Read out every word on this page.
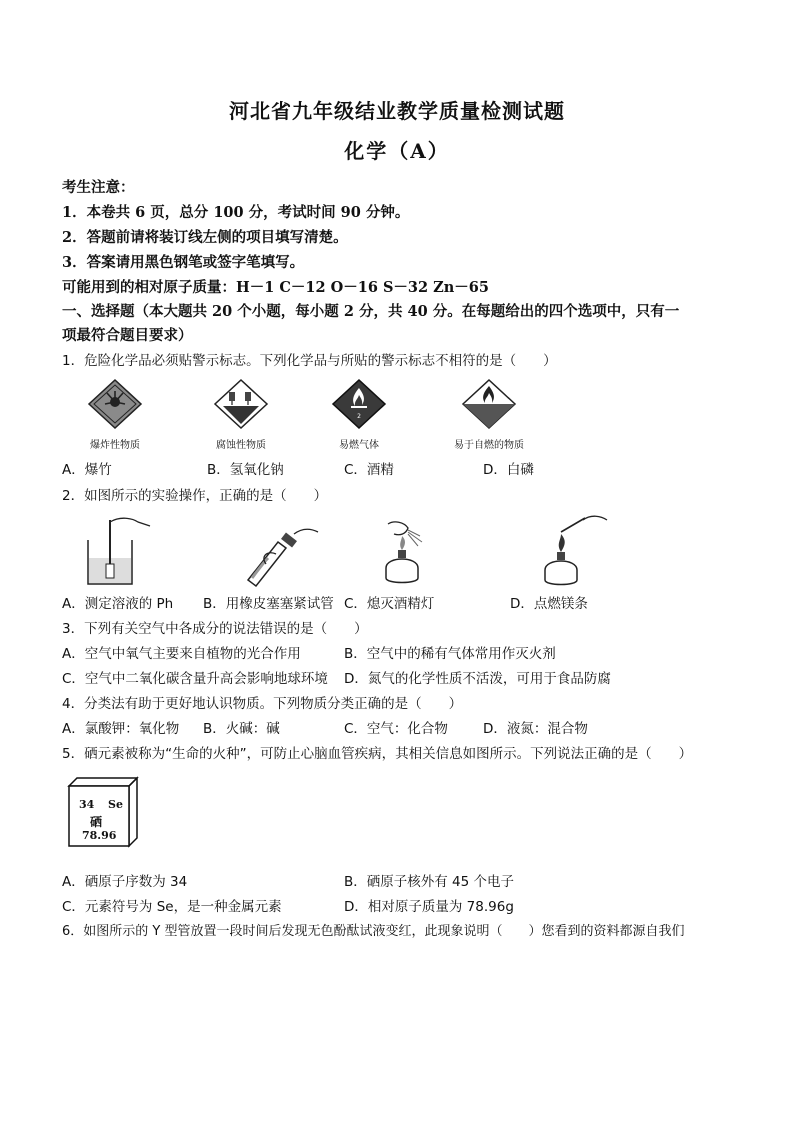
河北省九年级结业教学质量检测试题
化学（A）
考生注意：
1．本卷共 6 页，总分 100 分，考试时间 90 分钟。
2．答题前请将装订线左侧的项目填写清楚。
3．答案请用黑色钢笔或签字笔填写。
可能用到的相对原子质量：H－1 C－12 O－16 S－32 Zn－65
一、选择题（本大题共 20 个小题，每小题 2 分，共 40 分。在每题给出的四个选项中，只有一
项最符合题目要求）
1．危险化学品必须贴警示标志。下列化学品与所贴的警示标志不相符的是（　　）
爆炸性物质	腐蚀性物质
2
易燃气体	易于自燃的物质
A．爆竹	B．氢氧化钠	C．酒精	D．白磷
2．如图所示的实验操作，正确的是（　　）
A．测定溶液的 Ph B．用橡皮塞塞紧试管 C．熄灭酒精灯	D．点燃镁条
3．下列有关空气中各成分的说法错误的是（　　）
A．空气中氧气主要来自植物的光合作用	B．空气中的稀有气体常用作灭火剂
C．空气中二氧化碳含量升高会影响地球环境 D．氮气的化学性质不活泼，可用于食品防腐
4．分类法有助于更好地认识物质。下列物质分类正确的是（　　）
A．氯酸钾：氧化物 B．火碱：碱	C．空气：化合物	D．液氮：混合物
5．硒元素被称为“生命的火种”，可防止心脑血管疾病，其相关信息如图所示。下列说法正确的是（　　）
34 Se
硒
78.96
A．硒原子序数为 34	B．硒原子核外有 45 个电子
C．元素符号为 Se，是一种金属元素	D．相对原子质量为 78.96g
6．如图所示的 Y 型管放置一段时间后发现无色酚酞试液变红，此现象说明（　　）您看到的资料都源自我们
